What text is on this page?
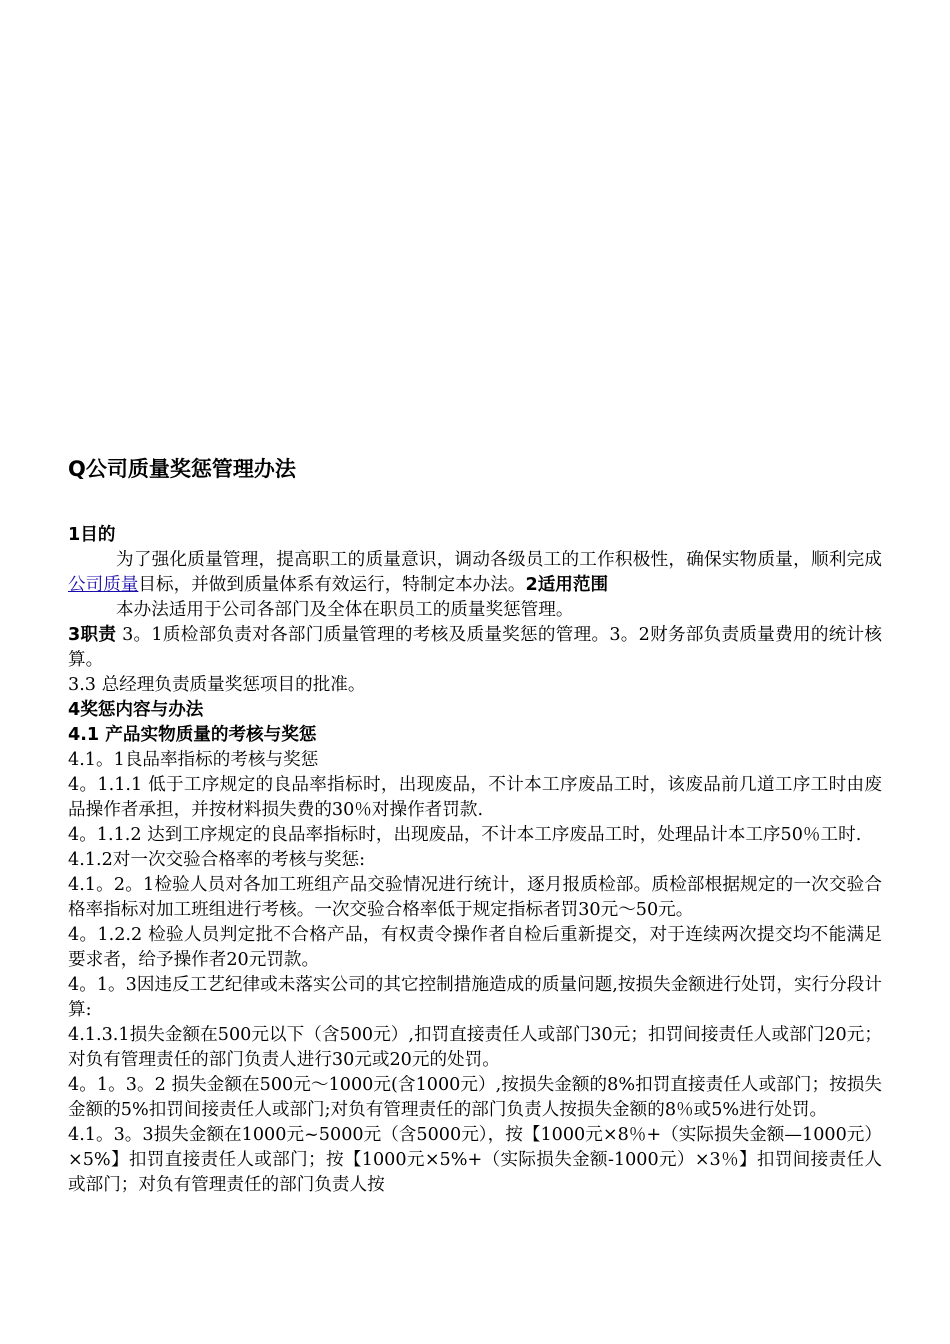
Q公司质量奖惩管理办法

1目的

为了强化质量管理，提高职工的质量意识，调动各级员工的工作积极性，确保实物质量，顺利完成公司质量目标，并做到质量体系有效运行，特制定本办法。2适用范围

本办法适用于公司各部门及全体在职员工的质量奖惩管理。

3职责 3。1质检部负责对各部门质量管理的考核及质量奖惩的管理。3。2财务部负责质量费用的统计核算。

3.3 总经理负责质量奖惩项目的批准。

4奖惩内容与办法

4.1 产品实物质量的考核与奖惩

4.1。1良品率指标的考核与奖惩

4。1.1.1 低于工序规定的良品率指标时，出现废品，不计本工序废品工时，该废品前几道工序工时由废品操作者承担，并按材料损失费的30％对操作者罚款.

4。1.1.2 达到工序规定的良品率指标时，出现废品，不计本工序废品工时，处理品计本工序50％工时.

4.1.2对一次交验合格率的考核与奖惩:

4.1。2。1检验人员对各加工班组产品交验情况进行统计，逐月报质检部。质检部根据规定的一次交验合格率指标对加工班组进行考核。一次交验合格率低于规定指标者罚30元～50元。

4。1.2.2 检验人员判定批不合格产品，有权责令操作者自检后重新提交，对于连续两次提交均不能满足要求者，给予操作者20元罚款。

4。1。3因违反工艺纪律或未落实公司的其它控制措施造成的质量问题,按损失金额进行处罚，实行分段计算:

4.1.3.1损失金额在500元以下（含500元）,扣罚直接责任人或部门30元；扣罚间接责任人或部门20元；对负有管理责任的部门负责人进行30元或20元的处罚。

4。1。3。2 损失金额在500元～1000元(含1000元）,按损失金额的8%扣罚直接责任人或部门；按损失金额的5%扣罚间接责任人或部门;对负有管理责任的部门负责人按损失金额的8％或5%进行处罚。

4.1。3。3损失金额在1000元~5000元（含5000元），按【1000元×8％+（实际损失金额—1000元）×5%】扣罚直接责任人或部门；按【1000元×5%+（实际损失金额-1000元）×3％】扣罚间接责任人或部门；对负有管理责任的部门负责人按
